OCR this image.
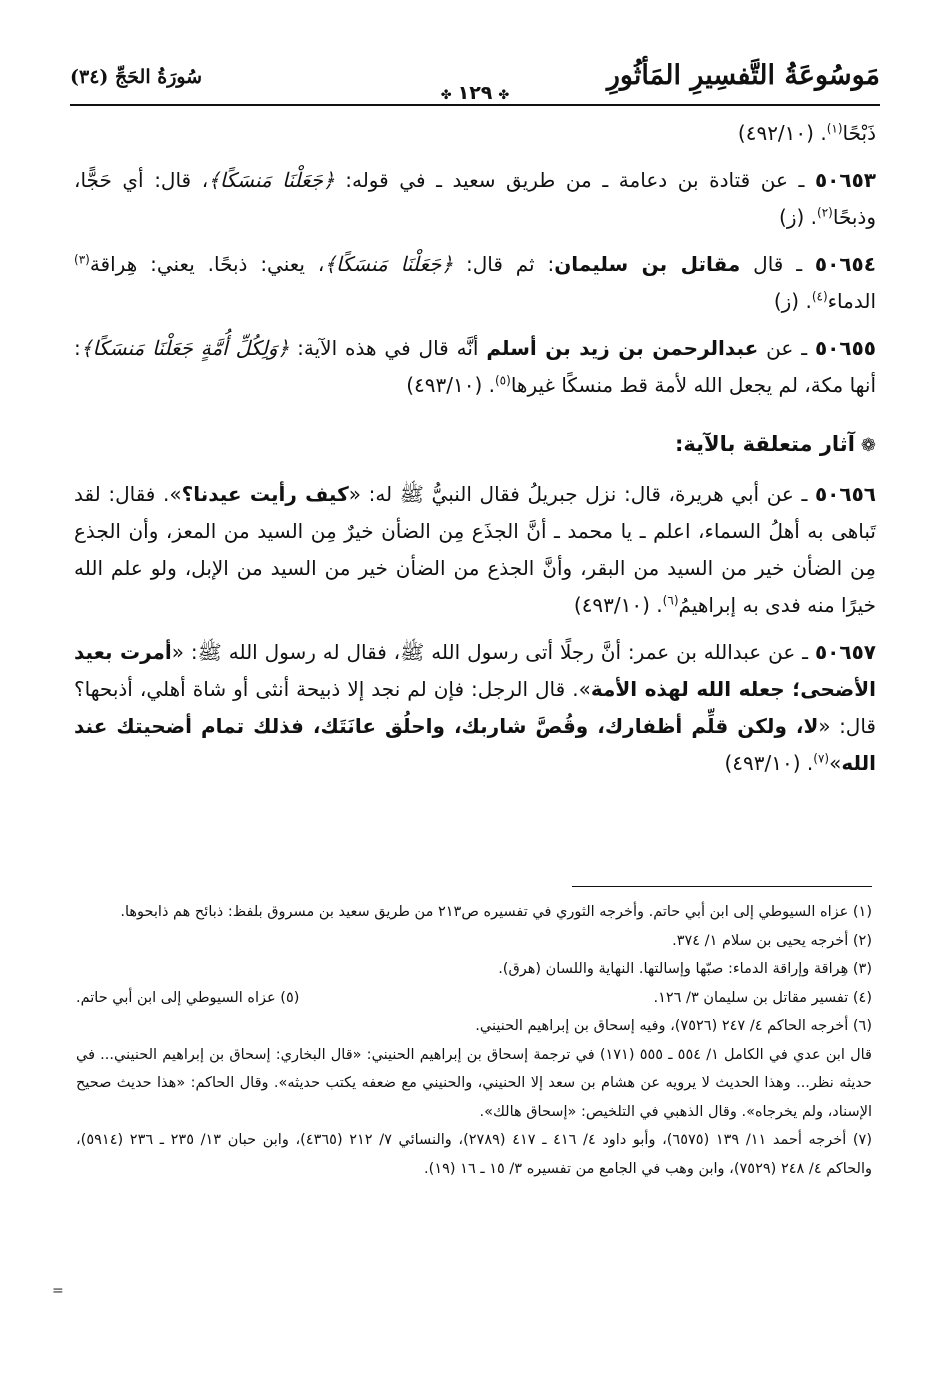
مَوسُوعَةُ التَّفسِيرِ المَأثُورِ
✤١٢٩✤
سُورَةُ الحَجِّ (٣٤)

ذَبْحًا$^{(١)}$. (٤٩٢/١٠)

٥٠٦٥٣ ـ عن قتادة بن دعامة ـ من طريق سعيد ـ في قوله: ﴿جَعَلْنَا مَنسَكًا﴾، قال: أي حَجًّا، وذبحًا$^{(٢)}$. (ز)

٥٠٦٥٤ ـ قال مقاتل بن سليمان: ثم قال: ﴿جَعَلْنَا مَنسَكًا﴾، يعني: ذبحًا. يعني: هِراقة$^{(٣)}$ الدماء$^{(٤)}$. (ز)

٥٠٦٥٥ ـ عن عبدالرحمن بن زيد بن أسلم أنَّه قال في هذه الآية: ﴿وَلِكُلِّ أُمَّةٍ جَعَلْنَا مَنسَكًا﴾: أنها مكة، لم يجعل الله لأمة قط منسكًا غيرها$^{(٥)}$. (٤٩٣/١٠)

❁آثار متعلقة بالآية:

٥٠٦٥٦ ـ عن أبي هريرة، قال: نزل جبريلُ فقال النبيُّ ﷺ له: «كيف رأيت عيدنا؟». فقال: لقد تَباهى به أهلُ السماء، اعلم ـ يا محمد ـ أنَّ الجذَع مِن الضأن خيرٌ مِن السيد من المعز، وأن الجذع مِن الضأن خير من السيد من البقر، وأنَّ الجذع من الضأن خير من السيد من الإبل، ولو علم الله خيرًا منه فدى به إبراهيمُ$^{(٦)}$. (٤٩٣/١٠)

٥٠٦٥٧ ـ عن عبدالله بن عمر: أنَّ رجلًا أتى رسول الله ﷺ، فقال له رسول الله ﷺ: «أمرت بعيد الأضحى؛ جعله الله لهذه الأمة». قال الرجل: فإن لم نجد إلا ذبيحة أنثى أو شاة أهلي، أذبحها؟ قال: «لا، ولكن قلِّم أظفارك، وقُصَّ شاربك، واحلُق عانَتَك، فذلك تمام أضحيتك عند الله»$^{(٧)}$. (٤٩٣/١٠)

(١) عزاه السيوطي إلى ابن أبي حاتم. وأخرجه الثوري في تفسيره ص٢١٣ من طريق سعيد بن مسروق بلفظ: ذبائح هم ذابحوها.

(٢) أخرجه يحيى بن سلام ١/ ٣٧٤.

(٣) هِراقة وإراقة الدماء: صبّها وإسالتها. النهاية واللسان (هرق).

(٤) تفسير مقاتل بن سليمان ٣/ ١٢٦.

(٥) عزاه السيوطي إلى ابن أبي حاتم.

(٦) أخرجه الحاكم ٤/ ٢٤٧ (٧٥٢٦)، وفيه إسحاق بن إبراهيم الحنيني.

قال ابن عدي في الكامل ١/ ٥٥٤ ـ ٥٥٥ (١٧١) في ترجمة إسحاق بن إبراهيم الحنيني: «قال البخاري: إسحاق بن إبراهيم الحنيني... في حديثه نظر... وهذا الحديث لا يرويه عن هشام بن سعد إلا الحنيني، والحنيني مع ضعفه يكتب حديثه». وقال الحاكم: «هذا حديث صحيح الإسناد، ولم يخرجاه». وقال الذهبي في التلخيص: «إسحاق هالك».

(٧) أخرجه أحمد ١١/ ١٣٩ (٦٥٧٥)، وأبو داود ٤/ ٤١٦ ـ ٤١٧ (٢٧٨٩)، والنسائي ٧/ ٢١٢ (٤٣٦٥)، وابن حبان ١٣/ ٢٣٥ ـ ٢٣٦ (٥٩١٤)، والحاكم ٤/ ٢٤٨ (٧٥٢٩)، وابن وهب في الجامع من تفسيره ٣/ ١٥ ـ ١٦ (١٩).

=
